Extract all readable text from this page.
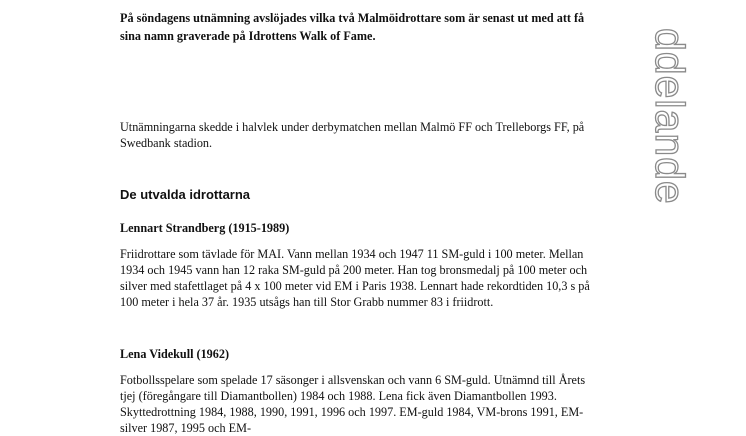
På söndagens utnämning avslöjades vilka två Malmöidrottare som är senast ut med att få sina namn graverade på Idrottens Walk of Fame.

Utnämningarna skedde i halvlek under derbymatchen mellan Malmö FF och Trelleborgs FF, på Swedbank stadion.

De utvalda idrottarna

Lennart Strandberg (1915-1989)

Friidrottare som tävlade för MAI. Vann mellan 1934 och 1947 11 SM-guld i 100 meter. Mellan 1934 och 1945 vann han 12 raka SM-guld på 200 meter. Han tog bronsmedalj på 100 meter och silver med stafettlaget på 4 x 100 meter vid EM i Paris 1938. Lennart hade rekordtiden 10,3 s på 100 meter i hela 37 år. 1935 utsågs han till Stor Grabb nummer 83 i friidrott.

Lena Videkull (1962)

Fotbollsspelare som spelade 17 säsonger i allsvenskan och vann 6 SM-guld. Utnämnd till Årets tjej (föregångare till Diamantbollen) 1984 och 1988. Lena fick även Diamantbollen 1993. Skyttedrottning 1984, 1988, 1990, 1991, 1996 och 1997. EM-guld 1984, VM-brons 1991, EM-silver 1987, 1995 och EM-

ddelande
